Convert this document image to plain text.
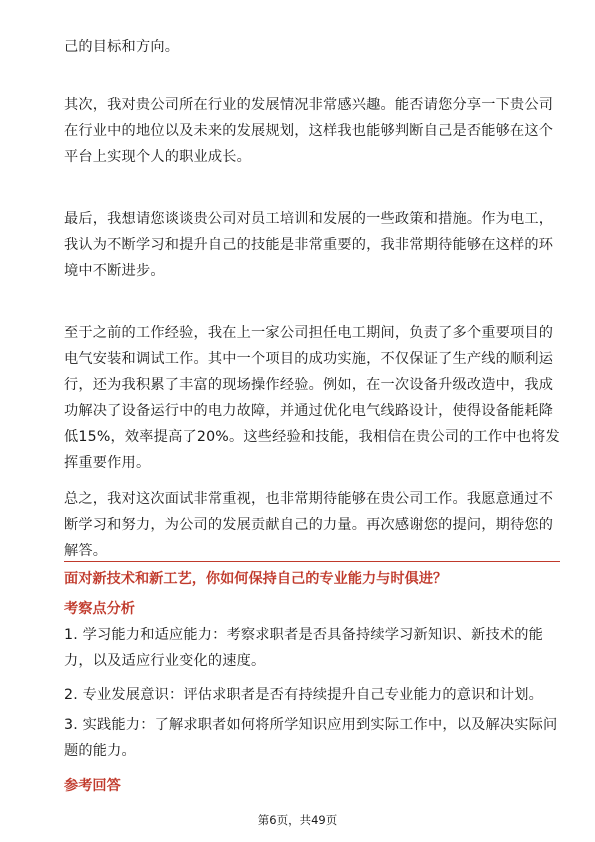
己的目标和方向。

其次，我对贵公司所在行业的发展情况非常感兴趣。能否请您分享一下贵公司在行业中的地位以及未来的发展规划，这样我也能够判断自己是否能够在这个平台上实现个人的职业成长。

最后，我想请您谈谈贵公司对员工培训和发展的一些政策和措施。作为电工，我认为不断学习和提升自己的技能是非常重要的，我非常期待能够在这样的环境中不断进步。

至于之前的工作经验，我在上一家公司担任电工期间，负责了多个重要项目的电气安装和调试工作。其中一个项目的成功实施，不仅保证了生产线的顺利运行，还为我积累了丰富的现场操作经验。例如，在一次设备升级改造中，我成功解决了设备运行中的电力故障，并通过优化电气线路设计，使得设备能耗降低15%，效率提高了20%。这些经验和技能，我相信在贵公司的工作中也将发挥重要作用。

总之，我对这次面试非常重视，也非常期待能够在贵公司工作。我愿意通过不断学习和努力，为公司的发展贡献自己的力量。再次感谢您的提问，期待您的解答。

面对新技术和新工艺，你如何保持自己的专业能力与时俱进？

考察点分析

1. 学习能力和适应能力：考察求职者是否具备持续学习新知识、新技术的能力，以及适应行业变化的速度。

2. 专业发展意识：评估求职者是否有持续提升自己专业能力的意识和计划。

3. 实践能力：了解求职者如何将所学知识应用到实际工作中，以及解决实际问题的能力。

参考回答

第6页，共49页
